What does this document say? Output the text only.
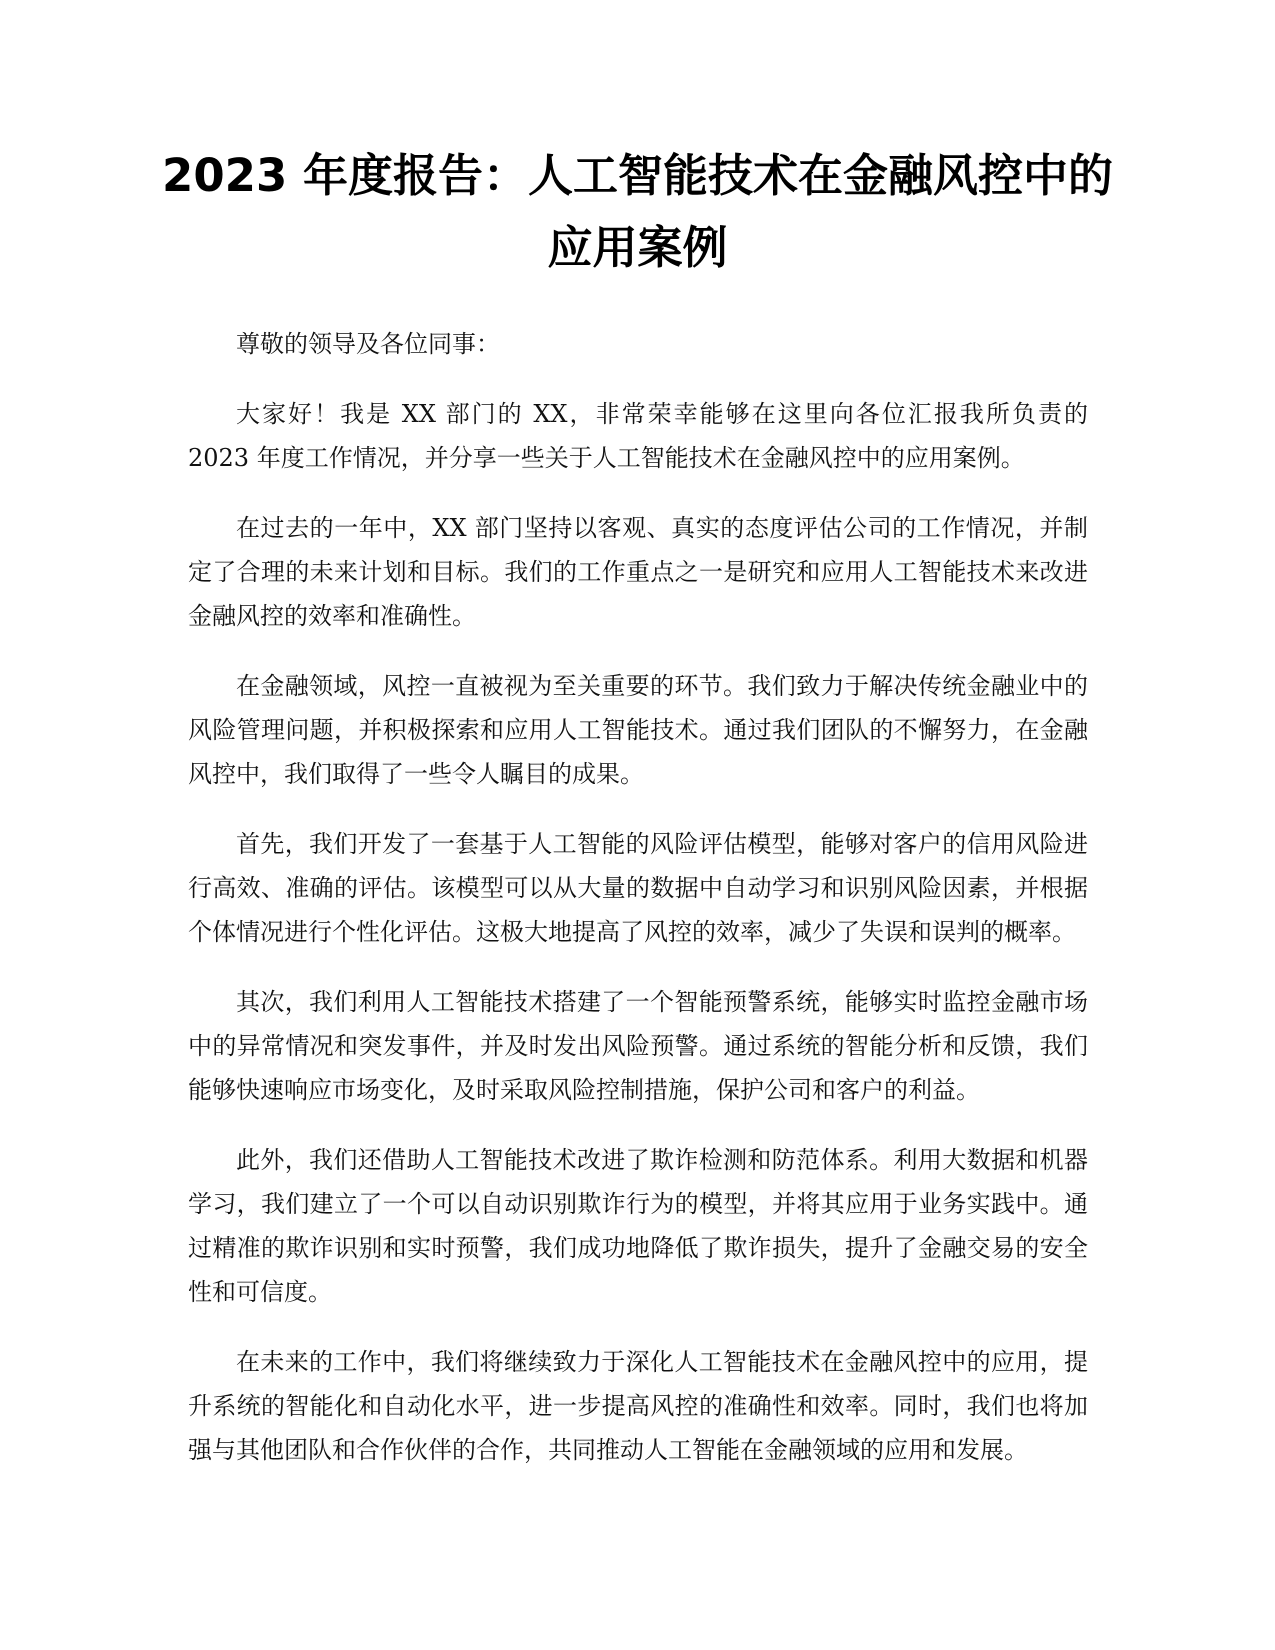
2023 年度报告：人工智能技术在金融风控中的应用案例

尊敬的领导及各位同事：

大家好！我是 XX 部门的 XX，非常荣幸能够在这里向各位汇报我所负责的 2023 年度工作情况，并分享一些关于人工智能技术在金融风控中的应用案例。

在过去的一年中，XX 部门坚持以客观、真实的态度评估公司的工作情况，并制定了合理的未来计划和目标。我们的工作重点之一是研究和应用人工智能技术来改进金融风控的效率和准确性。

在金融领域，风控一直被视为至关重要的环节。我们致力于解决传统金融业中的风险管理问题，并积极探索和应用人工智能技术。通过我们团队的不懈努力，在金融风控中，我们取得了一些令人瞩目的成果。

首先，我们开发了一套基于人工智能的风险评估模型，能够对客户的信用风险进行高效、准确的评估。该模型可以从大量的数据中自动学习和识别风险因素，并根据个体情况进行个性化评估。这极大地提高了风控的效率，减少了失误和误判的概率。

其次，我们利用人工智能技术搭建了一个智能预警系统，能够实时监控金融市场中的异常情况和突发事件，并及时发出风险预警。通过系统的智能分析和反馈，我们能够快速响应市场变化，及时采取风险控制措施，保护公司和客户的利益。

此外，我们还借助人工智能技术改进了欺诈检测和防范体系。利用大数据和机器学习，我们建立了一个可以自动识别欺诈行为的模型，并将其应用于业务实践中。通过精准的欺诈识别和实时预警，我们成功地降低了欺诈损失，提升了金融交易的安全性和可信度。

在未来的工作中，我们将继续致力于深化人工智能技术在金融风控中的应用，提升系统的智能化和自动化水平，进一步提高风控的准确性和效率。同时，我们也将加强与其他团队和合作伙伴的合作，共同推动人工智能在金融领域的应用和发展。
